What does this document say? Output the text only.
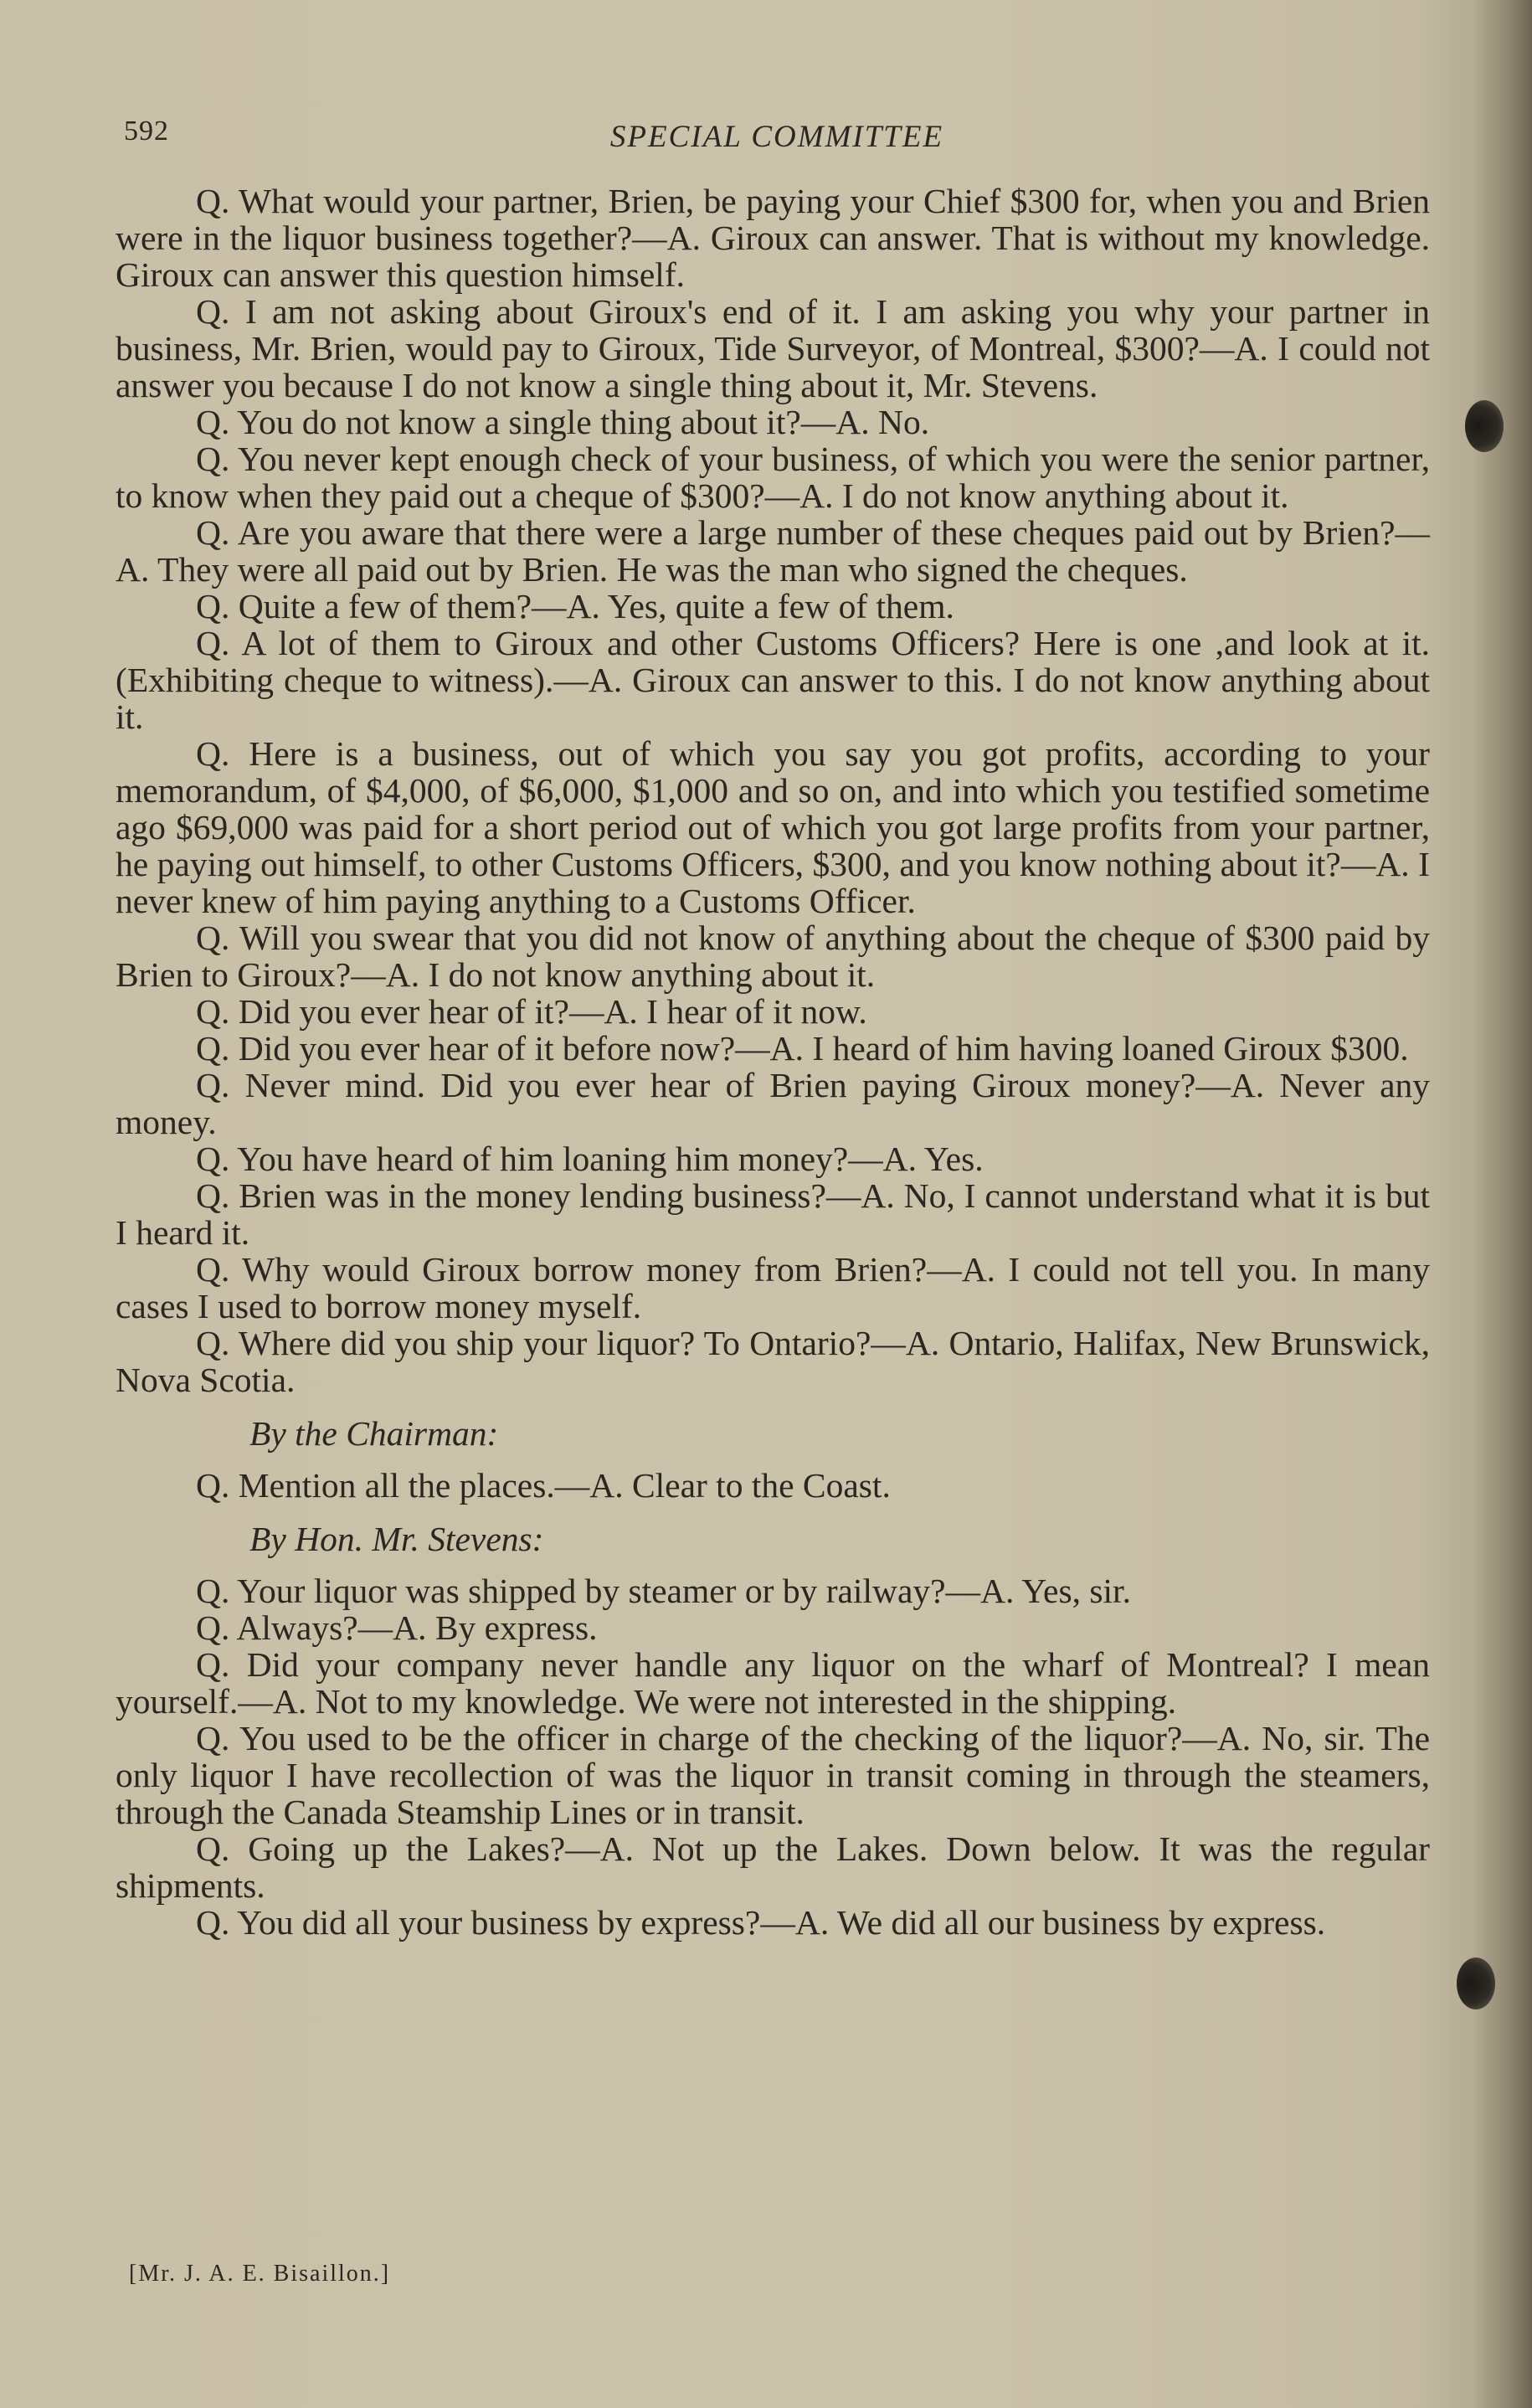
592	SPECIAL COMMITTEE

Q. What would your partner, Brien, be paying your Chief $300 for, when you and Brien were in the liquor business together?—A. Giroux can answer. That is without my knowledge. Giroux can answer this question himself.

Q. I am not asking about Giroux's end of it. I am asking you why your partner in business, Mr. Brien, would pay to Giroux, Tide Surveyor, of Montreal, $300?—A. I could not answer you because I do not know a single thing about it, Mr. Stevens.

Q. You do not know a single thing about it?—A. No.

Q. You never kept enough check of your business, of which you were the senior partner, to know when they paid out a cheque of $300?—A. I do not know anything about it.

Q. Are you aware that there were a large number of these cheques paid out by Brien?—A. They were all paid out by Brien. He was the man who signed the cheques.

Q. Quite a few of them?—A. Yes, quite a few of them.

Q. A lot of them to Giroux and other Customs Officers? Here is one ,and look at it. (Exhibiting cheque to witness).—A. Giroux can answer to this. I do not know anything about it.

Q. Here is a business, out of which you say you got profits, according to your memorandum, of $4,000, of $6,000, $1,000 and so on, and into which you testified sometime ago $69,000 was paid for a short period out of which you got large profits from your partner, he paying out himself, to other Customs Officers, $300, and you know nothing about it?—A. I never knew of him paying anything to a Customs Officer.

Q. Will you swear that you did not know of anything about the cheque of $300 paid by Brien to Giroux?—A. I do not know anything about it.

Q. Did you ever hear of it?—A. I hear of it now.

Q. Did you ever hear of it before now?—A. I heard of him having loaned Giroux $300.

Q. Never mind. Did you ever hear of Brien paying Giroux money?—A. Never any money.

Q. You have heard of him loaning him money?—A. Yes.

Q. Brien was in the money lending business?—A. No, I cannot understand what it is but I heard it.

Q. Why would Giroux borrow money from Brien?—A. I could not tell you. In many cases I used to borrow money myself.

Q. Where did you ship your liquor? To Ontario?—A. Ontario, Halifax, New Brunswick, Nova Scotia.

By the Chairman:

Q. Mention all the places.—A. Clear to the Coast.

By Hon. Mr. Stevens:

Q. Your liquor was shipped by steamer or by railway?—A. Yes, sir.

Q. Always?—A. By express.

Q. Did your company never handle any liquor on the wharf of Montreal? I mean yourself.—A. Not to my knowledge. We were not interested in the shipping.

Q. You used to be the officer in charge of the checking of the liquor?—A. No, sir. The only liquor I have recollection of was the liquor in transit coming in through the steamers, through the Canada Steamship Lines or in transit.

Q. Going up the Lakes?—A. Not up the Lakes. Down below. It was the regular shipments.

Q. You did all your business by express?—A. We did all our business by express.

[Mr. J. A. E. Bisaillon.]
